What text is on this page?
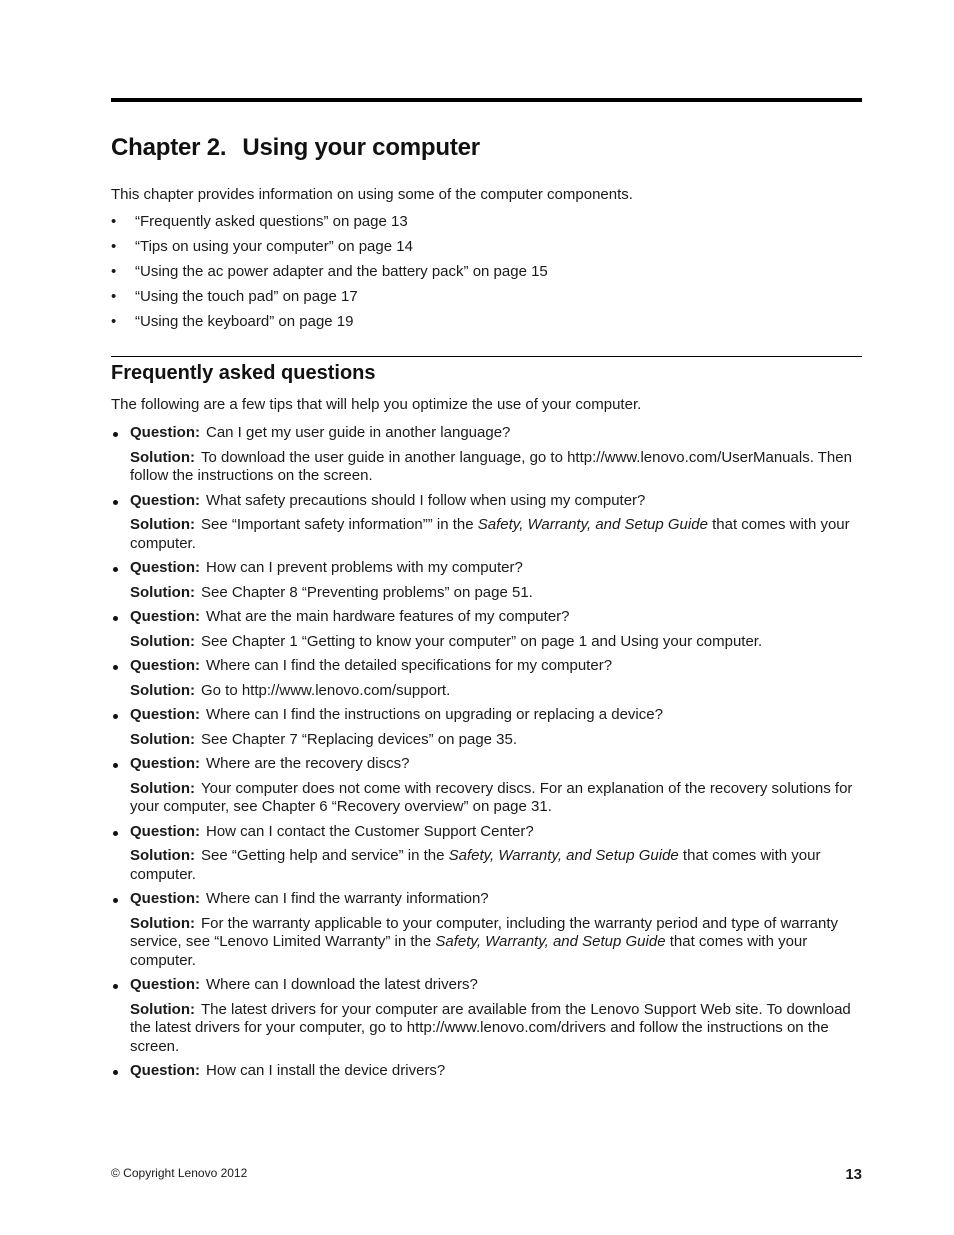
Chapter 2. Using your computer

This chapter provides information on using some of the computer components.

• “Frequently asked questions” on page 13
• “Tips on using your computer” on page 14
• “Using the ac power adapter and the battery pack” on page 15
• “Using the touch pad” on page 17
• “Using the keyboard” on page 19
Frequently asked questions

The following are a few tips that will help you optimize the use of your computer.

Question: Can I get my user guide in another language?

Solution: To download the user guide in another language, go to http://www.lenovo.com/UserManuals. Then follow the instructions on the screen.

Question: What safety precautions should I follow when using my computer?

Solution: See “Important safety information”” in the Safety, Warranty, and Setup Guide that comes with your computer.

Question: How can I prevent problems with my computer?

Solution: See Chapter 8 “Preventing problems” on page 51.

Question: What are the main hardware features of my computer?

Solution: See Chapter 1 “Getting to know your computer” on page 1 and Using your computer.

Question: Where can I find the detailed specifications for my computer?

Solution: Go to http://www.lenovo.com/support.

Question: Where can I find the instructions on upgrading or replacing a device?

Solution: See Chapter 7 “Replacing devices” on page 35.

Question: Where are the recovery discs?

Solution: Your computer does not come with recovery discs. For an explanation of the recovery solutions for your computer, see Chapter 6 “Recovery overview” on page 31.

Question: How can I contact the Customer Support Center?

Solution: See “Getting help and service” in the Safety, Warranty, and Setup Guide that comes with your computer.

Question: Where can I find the warranty information?

Solution: For the warranty applicable to your computer, including the warranty period and type of warranty service, see “Lenovo Limited Warranty” in the Safety, Warranty, and Setup Guide that comes with your computer.

Question: Where can I download the latest drivers?

Solution: The latest drivers for your computer are available from the Lenovo Support Web site. To download the latest drivers for your computer, go to http://www.lenovo.com/drivers and follow the instructions on the screen.

Question: How can I install the device drivers?

© Copyright Lenovo 2012	13
